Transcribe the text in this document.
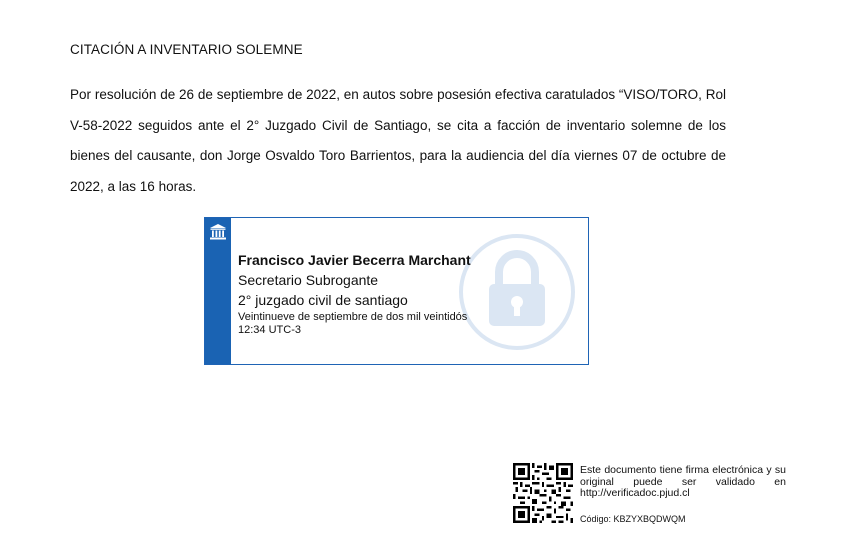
CITACIÓN A INVENTARIO SOLEMNE
Por resolución de 26 de septiembre de 2022, en autos sobre posesión efectiva caratulados “VISO/TORO, Rol V-58-2022 seguidos ante el 2° Juzgado Civil de Santiago, se cita a facción de inventario solemne de los bienes del causante, don Jorge Osvaldo Toro Barrientos, para la audiencia del día viernes 07 de octubre de 2022, a las 16 horas.
Francisco Javier Becerra Marchant
Secretario Subrogante
2° juzgado civil de santiago
Veintinueve de septiembre de dos mil veintidós
12:34 UTC-3
Este documento tiene firma electrónica y su original puede ser validado en http://verificadoc.pjud.cl
Código: KBZYXBQDWQM
